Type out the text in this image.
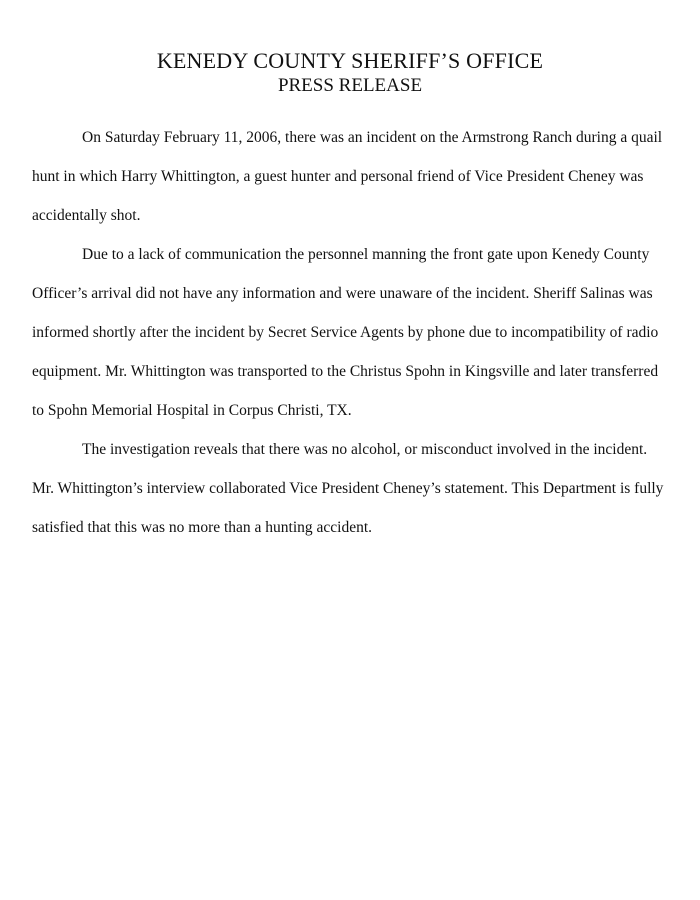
KENEDY COUNTY SHERIFF’S OFFICE
PRESS RELEASE

On Saturday February 11, 2006, there was an incident on the Armstrong Ranch during a quail hunt in which Harry Whittington, a guest hunter and personal friend of Vice President Cheney was accidentally shot.

Due to a lack of communication the personnel manning the front gate upon Kenedy County Officer’s arrival did not have any information and were unaware of the incident. Sheriff Salinas was informed shortly after the incident by Secret Service Agents by phone due to incompatibility of radio equipment. Mr. Whittington was transported to the Christus Spohn in Kingsville and later transferred to Spohn Memorial Hospital in Corpus Christi, TX.

The investigation reveals that there was no alcohol, or misconduct involved in the incident. Mr. Whittington’s interview collaborated Vice President Cheney’s statement. This Department is fully satisfied that this was no more than a hunting accident.
